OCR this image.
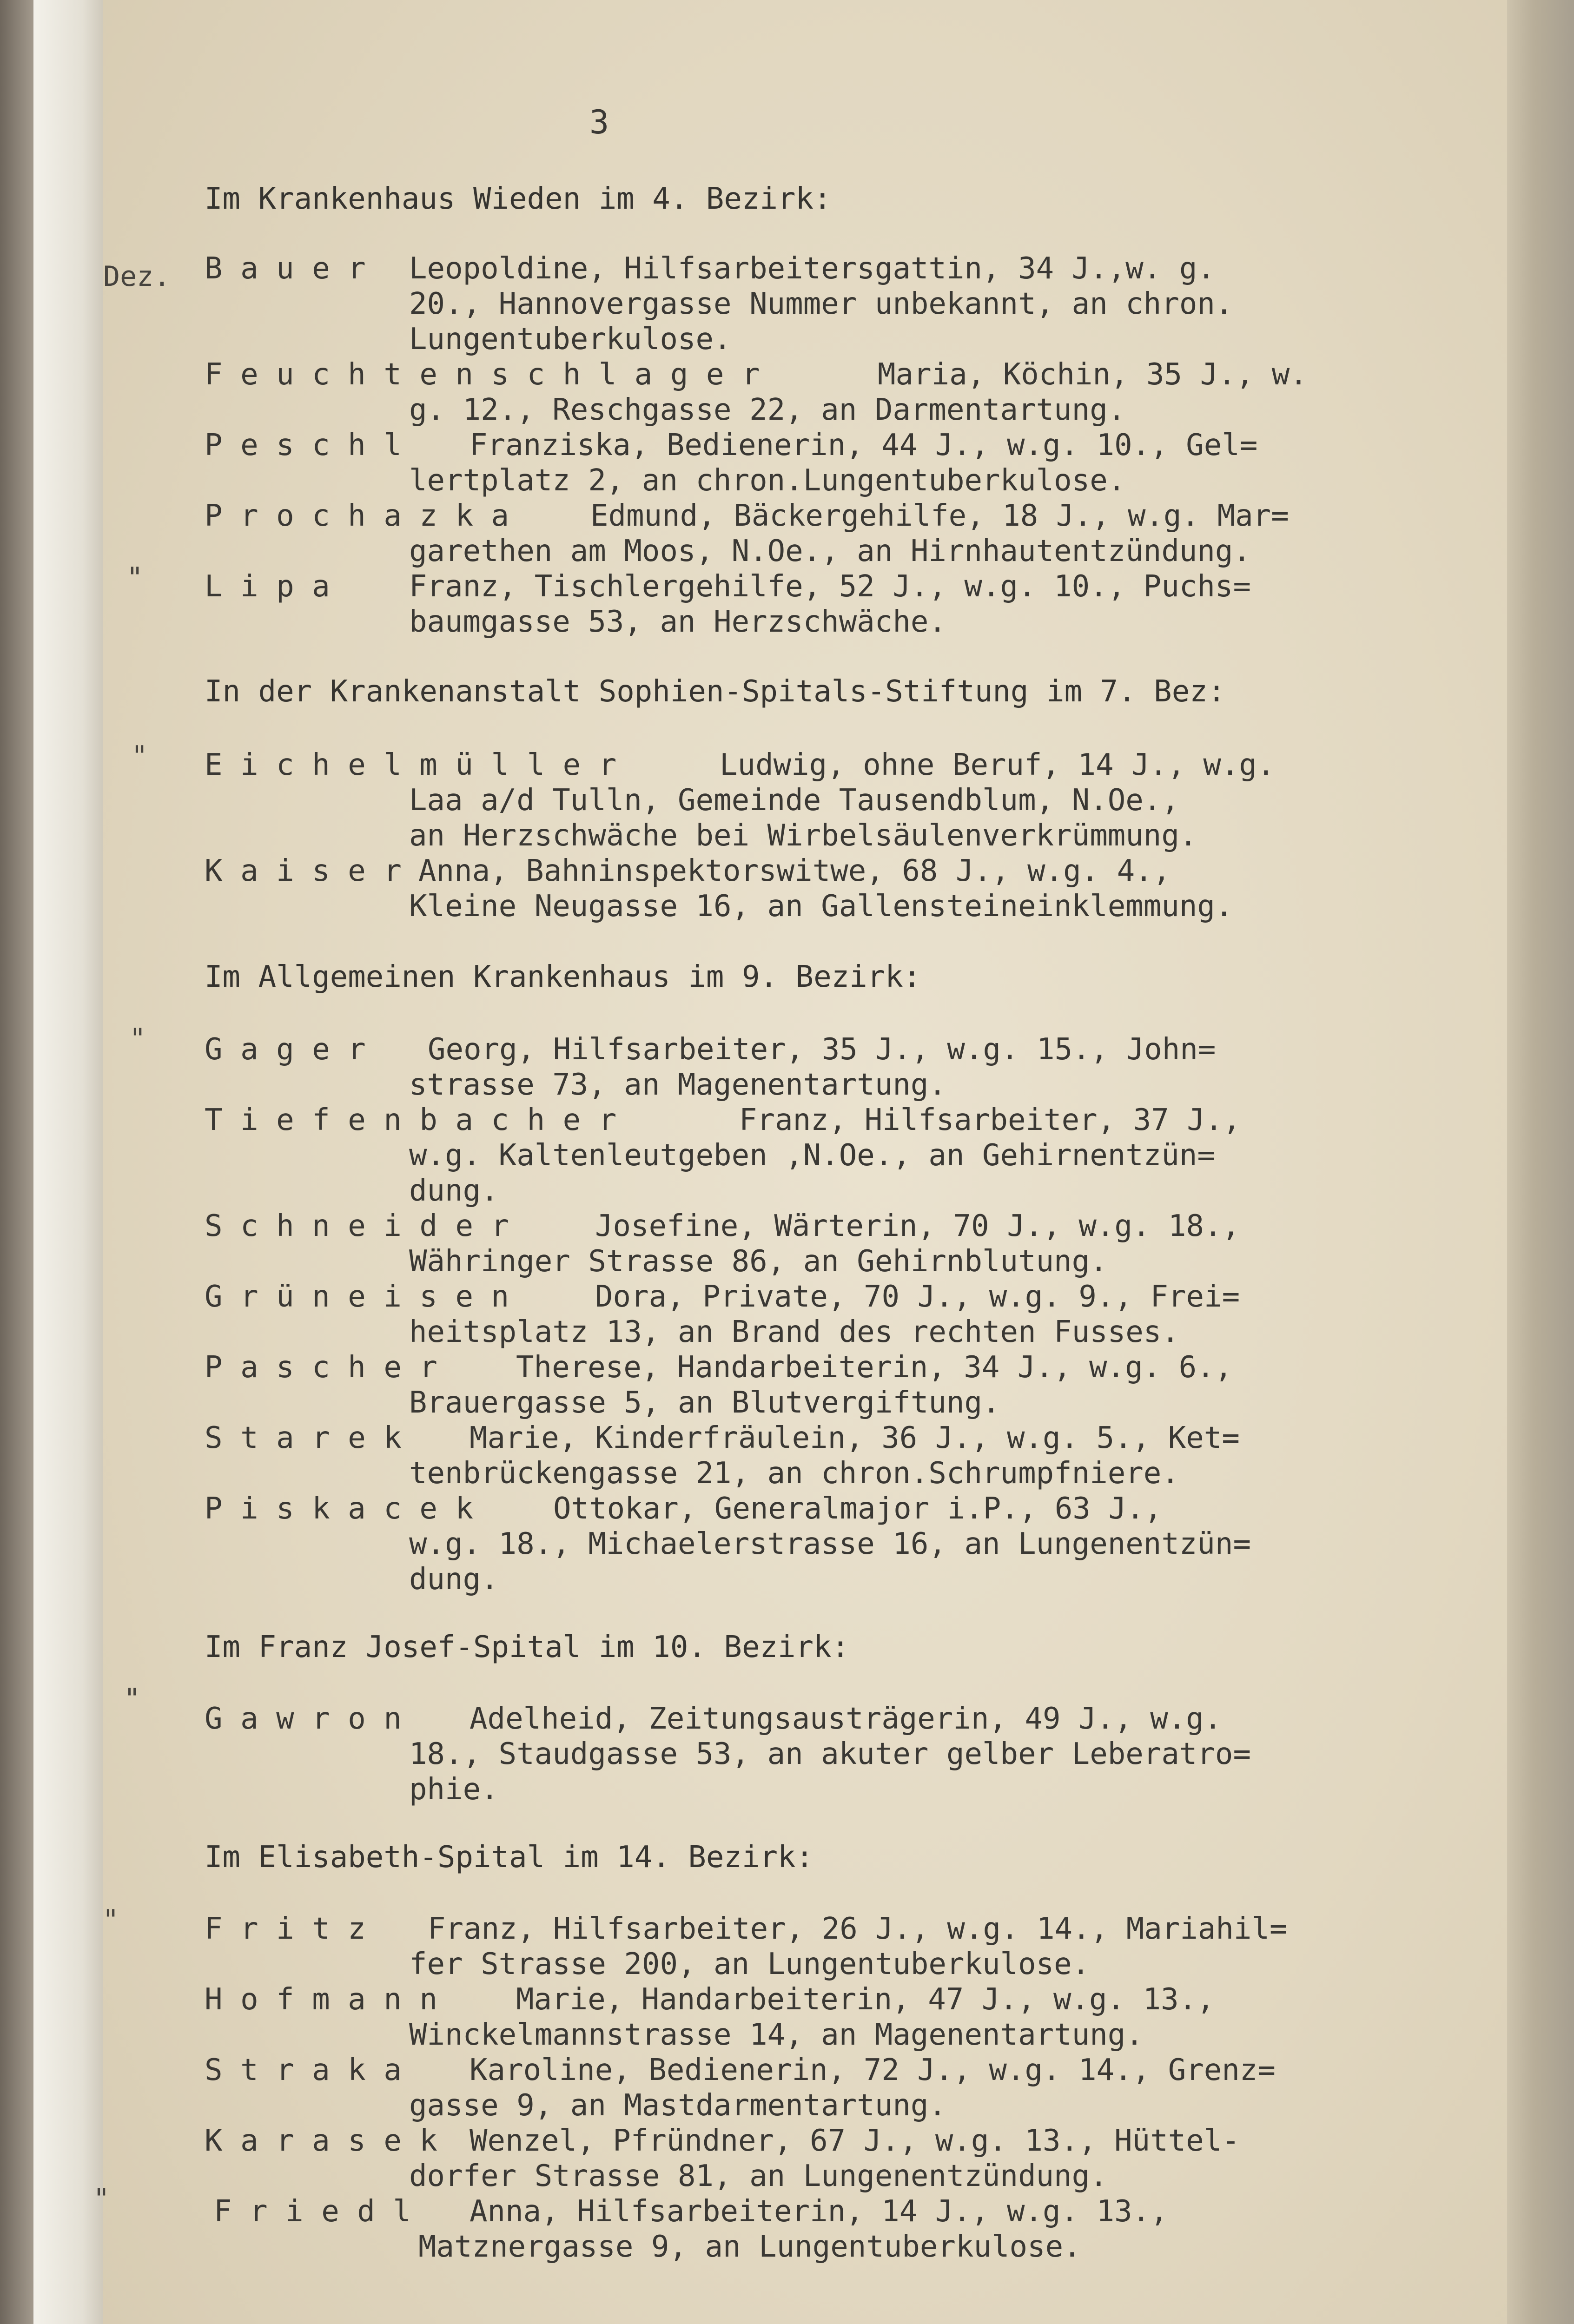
3
Dez.
"
"
"
"
"
"

Im Krankenhaus Wieden im 4. Bezirk:

B a u e r Leopoldine, Hilfsarbeitersgattin, 34 J.,w. g.

20., Hannovergasse Nummer unbekannt, an chron.

Lungentuberkulose.

F e u c h t e n s c h l a g e r	Maria, Köchin, 35 J., w.

g. 12., Reschgasse 22, an Darmentartung.

P e s c h l Franziska, Bedienerin, 44 J., w.g. 10., Gel=

lertplatz 2, an chron.Lungentuberkulose.

P r o c h a z k a	Edmund, Bäckergehilfe, 18 J., w.g. Mar=

garethen am Moos, N.Oe., an Hirnhautentzündung.

L i p a	Franz, Tischlergehilfe, 52 J., w.g. 10., Puchs=

baumgasse 53, an Herzschwäche.

In der Krankenanstalt Sophien-Spitals-Stiftung im 7. Bez:

E i c h e l m ü l l e r	Ludwig, ohne Beruf, 14 J., w.g.

Laa a/d Tulln, Gemeinde Tausendblum, N.Oe.,

an Herzschwäche bei Wirbelsäulenverkrümmung.

K a i s e r Anna, Bahninspektorswitwe, 68 J., w.g. 4.,

Kleine Neugasse 16, an Gallensteineinklemmung.

Im Allgemeinen Krankenhaus im 9. Bezirk:

G a g e r Georg, Hilfsarbeiter, 35 J., w.g. 15., John=

strasse 73, an Magenentartung.

T i e f e n b a c h e r	Franz, Hilfsarbeiter, 37 J.,

w.g. Kaltenleutgeben ,N.Oe., an Gehirnentzün=

dung.

S c h n e i d e r	Josefine, Wärterin, 70 J., w.g. 18.,

Währinger Strasse 86, an Gehirnblutung.

G r ü n e i s e n	Dora, Private, 70 J., w.g. 9., Frei=

heitsplatz 13, an Brand des rechten Fusses.

P a s c h e r	Therese, Handarbeiterin, 34 J., w.g. 6.,

Brauergasse 5, an Blutvergiftung.

S t a r e k Marie, Kinderfräulein, 36 J., w.g. 5., Ket=

tenbrückengasse 21, an chron.Schrumpfniere.

P i s k a c e k	Ottokar, Generalmajor i.P., 63 J.,

w.g. 18., Michaelerstrasse 16, an Lungenentzün=

dung.

Im Franz Josef-Spital im 10. Bezirk:

G a w r o n Adelheid, Zeitungsausträgerin, 49 J., w.g.

18., Staudgasse 53, an akuter gelber Leberatro=

phie.

Im Elisabeth-Spital im 14. Bezirk:

F r i t z Franz, Hilfsarbeiter, 26 J., w.g. 14., Mariahil=

fer Strasse 200, an Lungentuberkulose.

H o f m a n n	Marie, Handarbeiterin, 47 J., w.g. 13.,

Winckelmannstrasse 14, an Magenentartung.

S t r a k a Karoline, Bedienerin, 72 J., w.g. 14., Grenz=

gasse 9, an Mastdarmentartung.

K a r a s e k Wenzel, Pfründner, 67 J., w.g. 13., Hüttel-

dorfer Strasse 81, an Lungenentzündung.

F r i e d l Anna, Hilfsarbeiterin, 14 J., w.g. 13.,

Matznergasse 9, an Lungentuberkulose.
